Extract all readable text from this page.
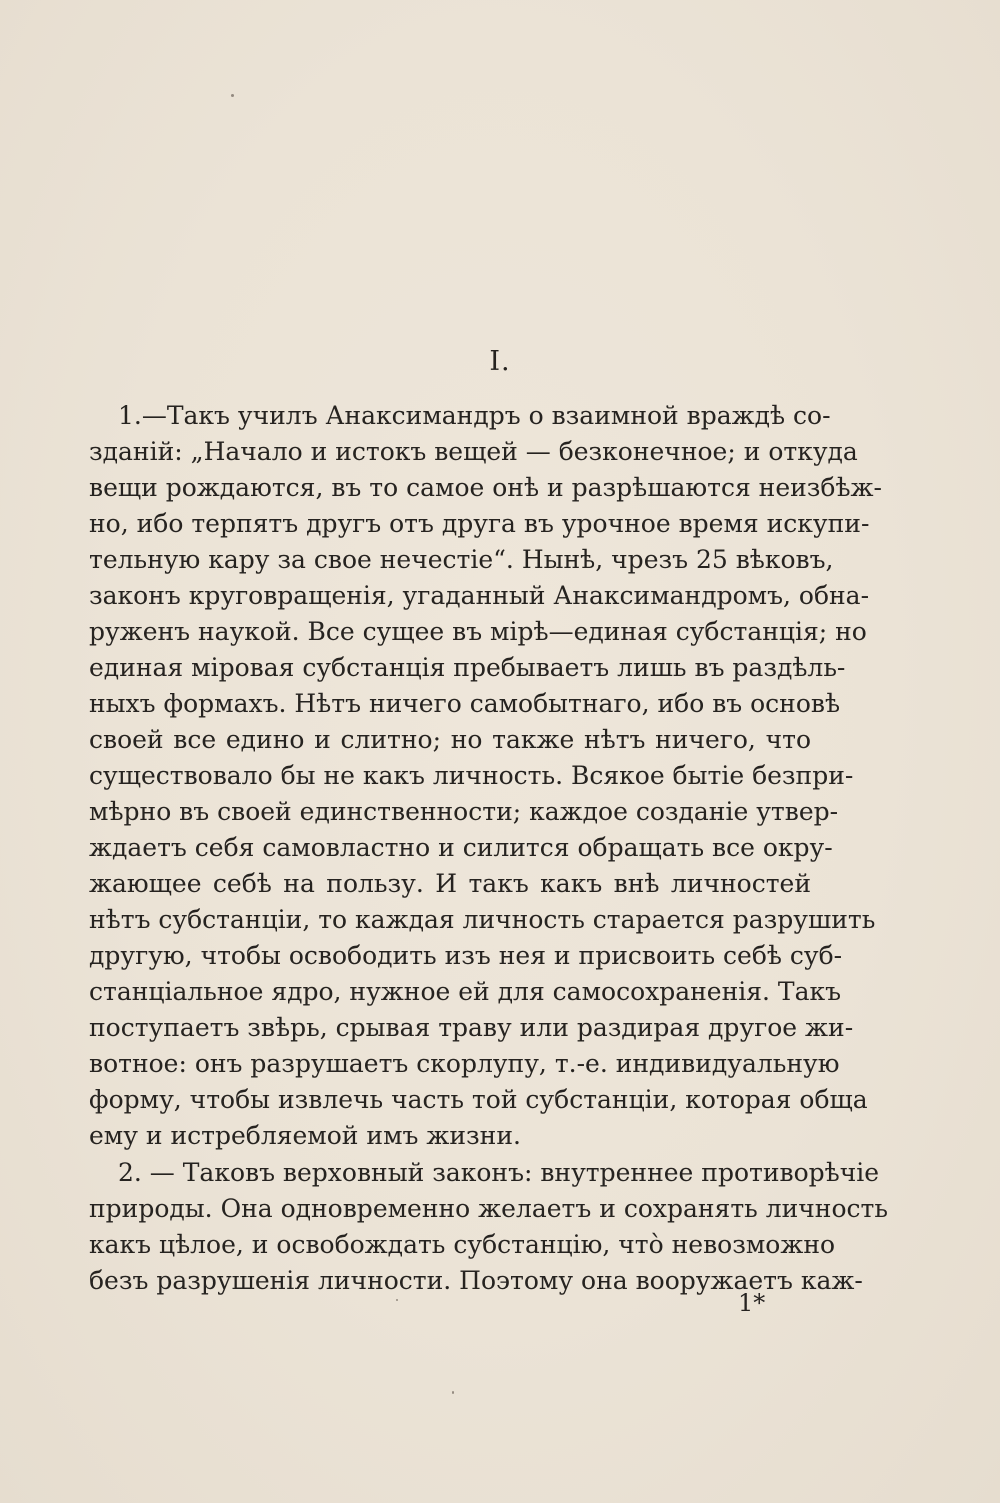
I.
1.—Такъ училъ Анаксимандръ о взаимной враждѣ со-
зданій: „Начало и истокъ вещей — безконечное; и откуда
вещи рождаются, въ то самое онѣ и разрѣшаются неизбѣж-
но, ибо терпятъ другъ отъ друга въ урочное время искупи-
тельную кару за свое нечестіе“. Нынѣ, чрезъ 25 вѣковъ,
законъ круговращенія, угаданный Анаксимандромъ, обна-
руженъ наукой. Все сущее въ мірѣ—единая субстанція; но
единая міровая субстанція пребываетъ лишь въ раздѣль-
ныхъ формахъ. Нѣтъ ничего самобытнаго, ибо въ основѣ
своей все едино и слитно; но также нѣтъ ничего, что
существовало бы не какъ личность. Всякое бытіе безпри-
мѣрно въ своей единственности; каждое созданіе утвер-
ждаетъ себя самовластно и силится обращать все окру-
жающее себѣ на пользу. И такъ какъ внѣ личностей
нѣтъ субстанціи, то каждая личность старается разрушить
другую, чтобы освободить изъ нея и присвоить себѣ суб-
станціальное ядро, нужное ей для самосохраненія. Такъ
поступаетъ звѣрь, срывая траву или раздирая другое жи-
вотное: онъ разрушаетъ скорлупу, т.-е. индивидуальную
форму, чтобы извлечь часть той субстанціи, которая обща
ему и истребляемой имъ жизни.
2. — Таковъ верховный законъ: внутреннее противорѣчіе
природы. Она одновременно желаетъ и сохранять личность
какъ цѣлое, и освобождать субстанцію, что̀ невозможно
безъ разрушенія личности. Поэтому она вооружаетъ каж-
1*
